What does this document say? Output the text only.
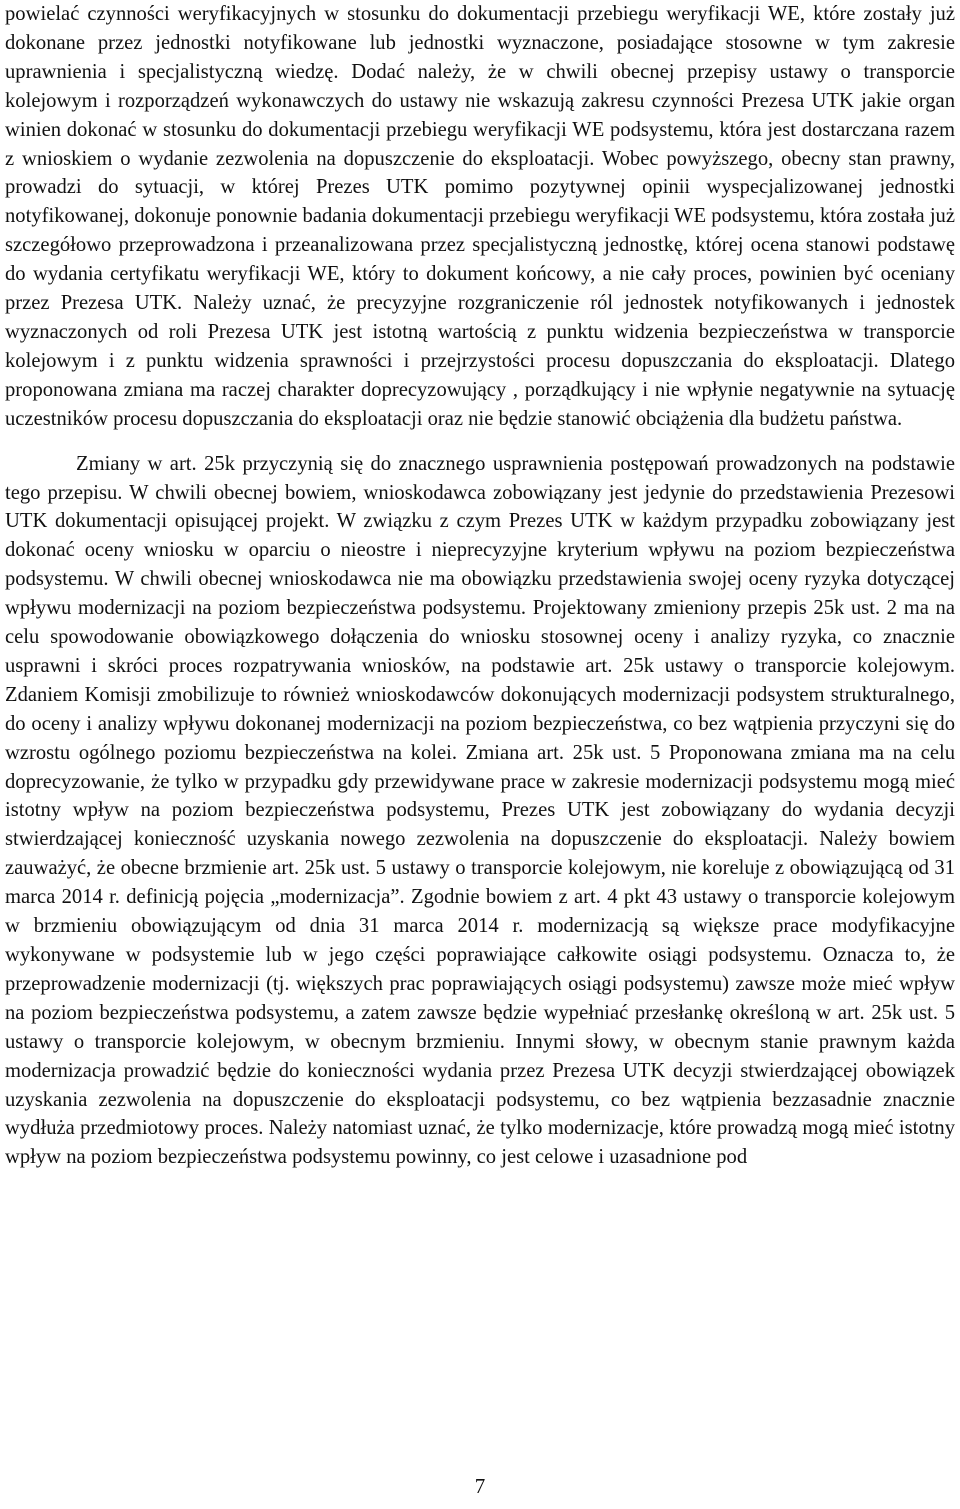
powielać czynności weryfikacyjnych w stosunku do dokumentacji przebiegu weryfikacji WE, które zostały już dokonane przez jednostki notyfikowane lub jednostki wyznaczone, posiadające stosowne w tym zakresie uprawnienia i specjalistyczną wiedzę. Dodać należy, że w chwili obecnej przepisy ustawy o transporcie kolejowym i rozporządzeń wykonawczych do ustawy nie wskazują zakresu czynności Prezesa UTK jakie organ winien dokonać w stosunku do dokumentacji przebiegu weryfikacji WE podsystemu, która jest dostarczana razem z wnioskiem o wydanie zezwolenia na dopuszczenie do eksploatacji. Wobec powyższego, obecny stan prawny, prowadzi do sytuacji, w której Prezes UTK pomimo pozytywnej opinii wyspecjalizowanej jednostki notyfikowanej, dokonuje ponownie badania dokumentacji przebiegu weryfikacji WE podsystemu, która została już szczegółowo przeprowadzona i przeanalizowana przez specjalistyczną jednostkę, której ocena stanowi podstawę do wydania certyfikatu weryfikacji WE, który to dokument końcowy, a nie cały proces, powinien być oceniany przez Prezesa UTK. Należy uznać, że precyzyjne rozgraniczenie ról jednostek notyfikowanych i jednostek wyznaczonych od roli Prezesa UTK jest istotną wartością z punktu widzenia bezpieczeństwa w transporcie kolejowym i z punktu widzenia sprawności i przejrzystości procesu dopuszczania do eksploatacji. Dlatego proponowana zmiana ma raczej charakter doprecyzowujący , porządkujący i nie wpłynie negatywnie na sytuację uczestników procesu dopuszczania do eksploatacji oraz nie będzie stanowić obciążenia dla budżetu państwa.

Zmiany w art. 25k przyczynią się do znacznego usprawnienia postępowań prowadzonych na podstawie tego przepisu. W chwili obecnej bowiem, wnioskodawca zobowiązany jest jedynie do przedstawienia Prezesowi UTK dokumentacji opisującej projekt. W związku z czym Prezes UTK w każdym przypadku zobowiązany jest dokonać oceny wniosku w oparciu o nieostre i nieprecyzyjne kryterium wpływu na poziom bezpieczeństwa podsystemu. W chwili obecnej wnioskodawca nie ma obowiązku przedstawienia swojej oceny ryzyka dotyczącej wpływu modernizacji na poziom bezpieczeństwa podsystemu. Projektowany zmieniony przepis 25k ust. 2 ma na celu spowodowanie obowiązkowego dołączenia do wniosku stosownej oceny i analizy ryzyka, co znacznie usprawni i skróci proces rozpatrywania wniosków, na podstawie art. 25k ustawy o transporcie kolejowym. Zdaniem Komisji zmobilizuje to również wnioskodawców dokonujących modernizacji podsystem strukturalnego, do oceny i analizy wpływu dokonanej modernizacji na poziom bezpieczeństwa, co bez wątpienia przyczyni się do wzrostu ogólnego poziomu bezpieczeństwa na kolei. Zmiana art. 25k ust. 5 Proponowana zmiana ma na celu doprecyzowanie, że tylko w przypadku gdy przewidywane prace w zakresie modernizacji podsystemu mogą mieć istotny wpływ na poziom bezpieczeństwa podsystemu, Prezes UTK jest zobowiązany do wydania decyzji stwierdzającej konieczność uzyskania nowego zezwolenia na dopuszczenie do eksploatacji. Należy bowiem zauważyć, że obecne brzmienie art. 25k ust. 5 ustawy o transporcie kolejowym, nie koreluje z obowiązującą od 31 marca 2014 r. definicją pojęcia „modernizacja”. Zgodnie bowiem z art. 4 pkt 43 ustawy o transporcie kolejowym w brzmieniu obowiązującym od dnia 31 marca 2014 r. modernizacją są większe prace modyfikacyjne wykonywane w podsystemie lub w jego części poprawiające całkowite osiągi podsystemu. Oznacza to, że przeprowadzenie modernizacji (tj. większych prac poprawiających osiągi podsystemu) zawsze może mieć wpływ na poziom bezpieczeństwa podsystemu, a zatem zawsze będzie wypełniać przesłankę określoną w art. 25k ust. 5 ustawy o transporcie kolejowym, w obecnym brzmieniu. Innymi słowy, w obecnym stanie prawnym każda modernizacja prowadzić będzie do konieczności wydania przez Prezesa UTK decyzji stwierdzającej obowiązek uzyskania zezwolenia na dopuszczenie do eksploatacji podsystemu, co bez wątpienia bezzasadnie znacznie wydłuża przedmiotowy proces. Należy natomiast uznać, że tylko modernizacje, które prowadzą mogą mieć istotny wpływ na poziom bezpieczeństwa podsystemu powinny, co jest celowe i uzasadnione pod

7
